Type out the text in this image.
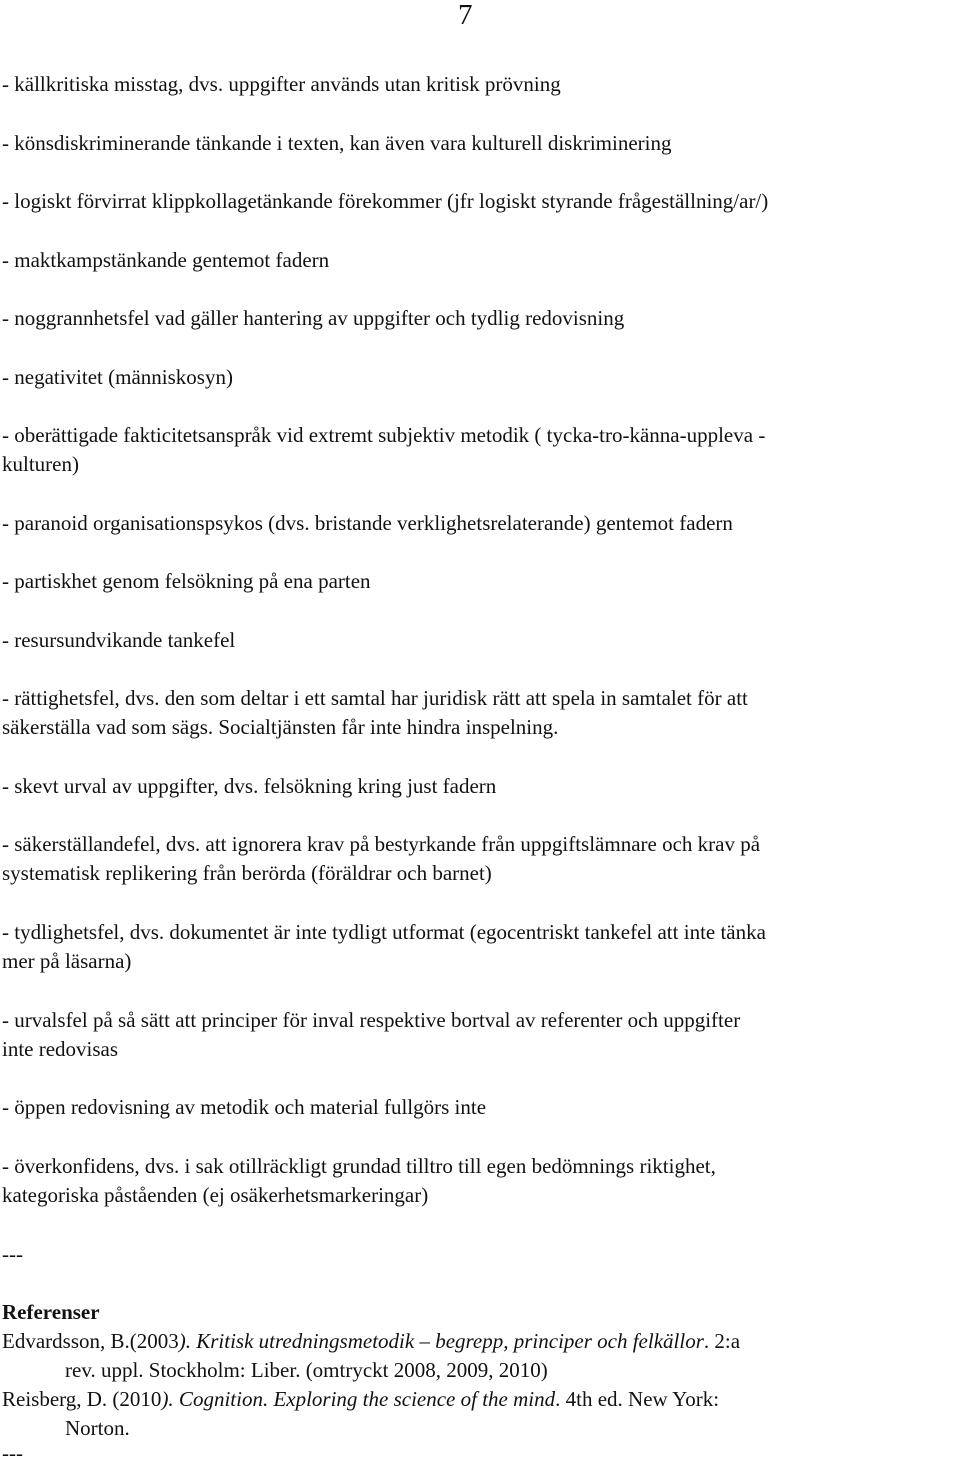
7
- källkritiska misstag, dvs. uppgifter används utan kritisk prövning
- könsdiskriminerande tänkande i texten, kan även vara kulturell diskriminering
- logiskt förvirrat klippkollagetänkande förekommer (jfr logiskt styrande frågeställning/ar/)
- maktkampstänkande gentemot fadern
- noggrannhetsfel vad gäller hantering av uppgifter och tydlig redovisning
- negativitet (människosyn)
- oberättigade fakticitetsanspråk vid extremt subjektiv metodik ( tycka-tro-känna-uppleva -
kulturen)
- paranoid organisationspsykos (dvs. bristande verklighetsrelaterande) gentemot fadern
- partiskhet genom felsökning på ena parten
- resursundvikande tankefel
- rättighetsfel, dvs. den som deltar i ett samtal har juridisk rätt att spela in samtalet för att
säkerställa vad som sägs. Socialtjänsten får inte hindra inspelning.
- skevt urval av uppgifter, dvs. felsökning kring just fadern
- säkerställandefel, dvs. att ignorera krav på bestyrkande från uppgiftslämnare och krav på
systematisk replikering från berörda (föräldrar och barnet)
- tydlighetsfel, dvs. dokumentet är inte tydligt utformat (egocentriskt tankefel att inte tänka
mer på läsarna)
- urvalsfel på så sätt att principer för inval respektive bortval av referenter och uppgifter
inte redovisas
- öppen redovisning av metodik och material fullgörs inte
- överkonfidens, dvs. i sak otillräckligt grundad tilltro till egen bedömnings riktighet,
kategoriska påståenden (ej osäkerhetsmarkeringar)
---
Referenser
Edvardsson, B.(2003). Kritisk utredningsmetodik – begrepp, principer och felkällor. 2:a
rev. uppl. Stockholm: Liber. (omtryckt 2008, 2009, 2010)
Reisberg, D. (2010). Cognition. Exploring the science of the mind. 4th ed. New York:
Norton.
---
